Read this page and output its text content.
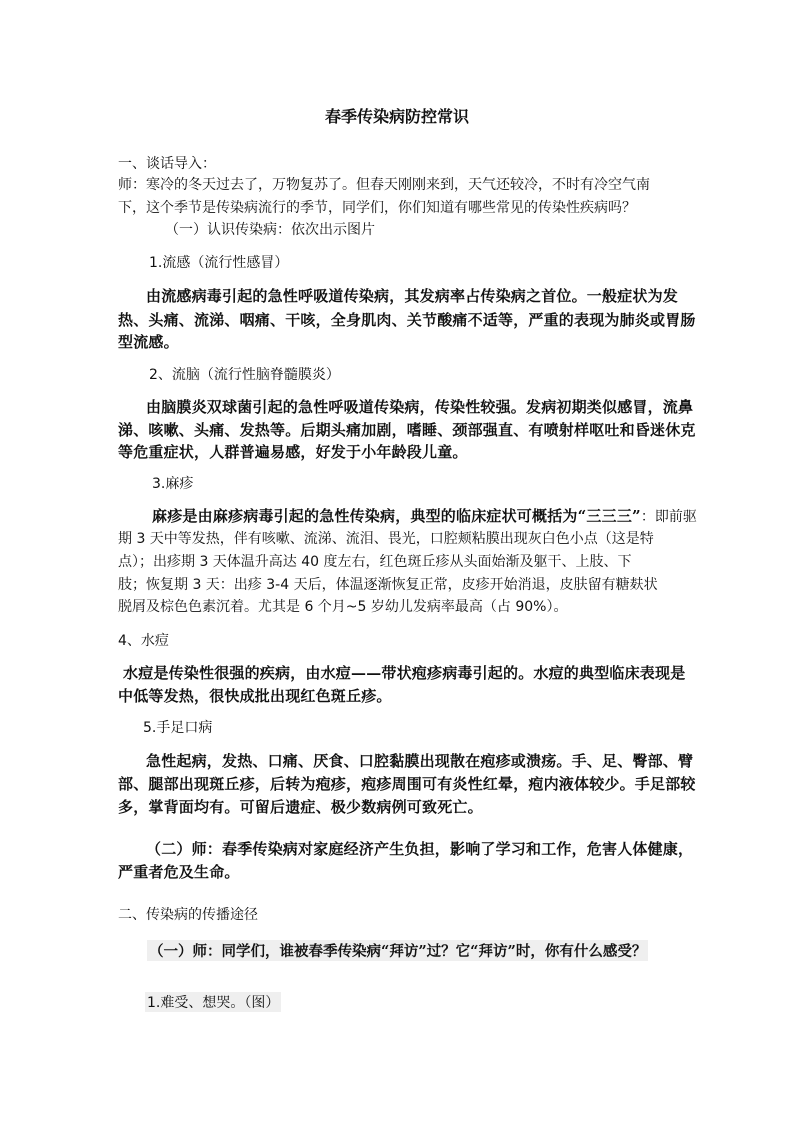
春季传染病防控常识
一、谈话导入：
师：寒冷的冬天过去了，万物复苏了。但春天刚刚来到，天气还较冷，不时有冷空气南
下，这个季节是传染病流行的季节，同学们，你们知道有哪些常见的传染性疾病吗？
（一）认识传染病：依次出示图片
1.流感（流行性感冒）
由流感病毒引起的急性呼吸道传染病，其发病率占传染病之首位。一般症状为发
热、头痛、流涕、咽痛、干咳，全身肌肉、关节酸痛不适等，严重的表现为肺炎或胃肠
型流感。
2、流脑（流行性脑脊髓膜炎）
由脑膜炎双球菌引起的急性呼吸道传染病，传染性较强。发病初期类似感冒，流鼻
涕、咳嗽、头痛、发热等。后期头痛加剧，嗜睡、颈部强直、有喷射样呕吐和昏迷休克
等危重症状，人群普遍易感，好发于小年龄段儿童。
3.麻疹
麻疹是由麻疹病毒引起的急性传染病，典型的临床症状可概括为“三三三”：即前驱
期 3 天中等发热，伴有咳嗽、流涕、流泪、畏光，口腔颊粘膜出现灰白色小点（这是特
点）；出疹期 3 天体温升高达 40 度左右，红色斑丘疹从头面始渐及躯干、上肢、下
肢；恢复期 3 天：出疹 3-4 天后，体温逐渐恢复正常，皮疹开始消退，皮肤留有糖麸状
脱屑及棕色色素沉着。尤其是 6 个月~5 岁幼儿发病率最高（占 90%）。
4、水痘
水痘是传染性很强的疾病，由水痘——带状疱疹病毒引起的。水痘的典型临床表现是
中低等发热，很快成批出现红色斑丘疹。
5.手足口病
急性起病，发热、口痛、厌食、口腔黏膜出现散在疱疹或溃疡。手、足、臀部、臂
部、腿部出现斑丘疹，后转为疱疹，疱疹周围可有炎性红晕，疱内液体较少。手足部较
多，掌背面均有。可留后遗症、极少数病例可致死亡。
（二）师：春季传染病对家庭经济产生负担，影响了学习和工作，危害人体健康，
严重者危及生命。
二、传染病的传播途径
（一）师：同学们，谁被春季传染病“拜访”过？它“拜访”时，你有什么感受？
1.难受、想哭。（图）
